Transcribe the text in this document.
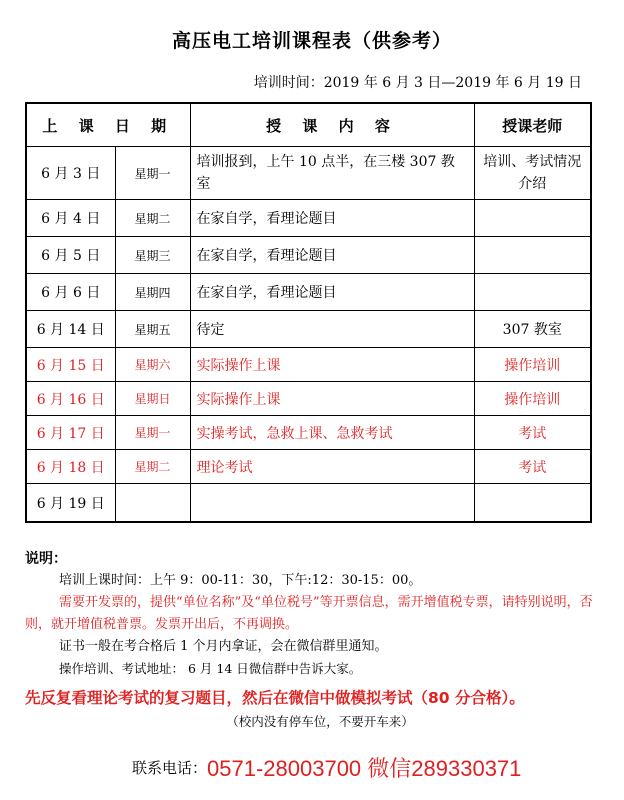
高压电工培训课程表（供参考）
培训时间：2019 年 6 月 3 日—2019 年 6 月 19 日
上 课 日 期		授 课 内 容	授课老师
6 月 3 日	星期一	培训报到，上午 10 点半，在三楼 307 教室	培训、考试情况介绍
6 月 4 日	星期二	在家自学，看理论题目	
6 月 5 日	星期三	在家自学，看理论题目	
6 月 6 日	星期四	在家自学，看理论题目	
6 月 14 日	星期五	待定	307 教室
6 月 15 日	星期六	实际操作上课	操作培训
6 月 16 日	星期日	实际操作上课	操作培训
6 月 17 日	星期一	实操考试，急救上课、急救考试	考试
6 月 18 日	星期二	理论考试	考试
6 月 19 日			
说明：
培训上课时间：上午 9：00-11：30，下午:12：30-15：00。
需要开发票的，提供“单位名称”及“单位税号”等开票信息，需开增值税专票，请特别说明，否则，就开增值税普票。发票开出后，不再调换。
证书一般在考合格后 1 个月内拿证，会在微信群里通知。
操作培训、考试地址： 6 月 14 日微信群中告诉大家。
先反复看理论考试的复习题目，然后在微信中做模拟考试（80 分合格）。
（校内没有停车位，不要开车来）
联系电话：0571-28003700 微信289330371
